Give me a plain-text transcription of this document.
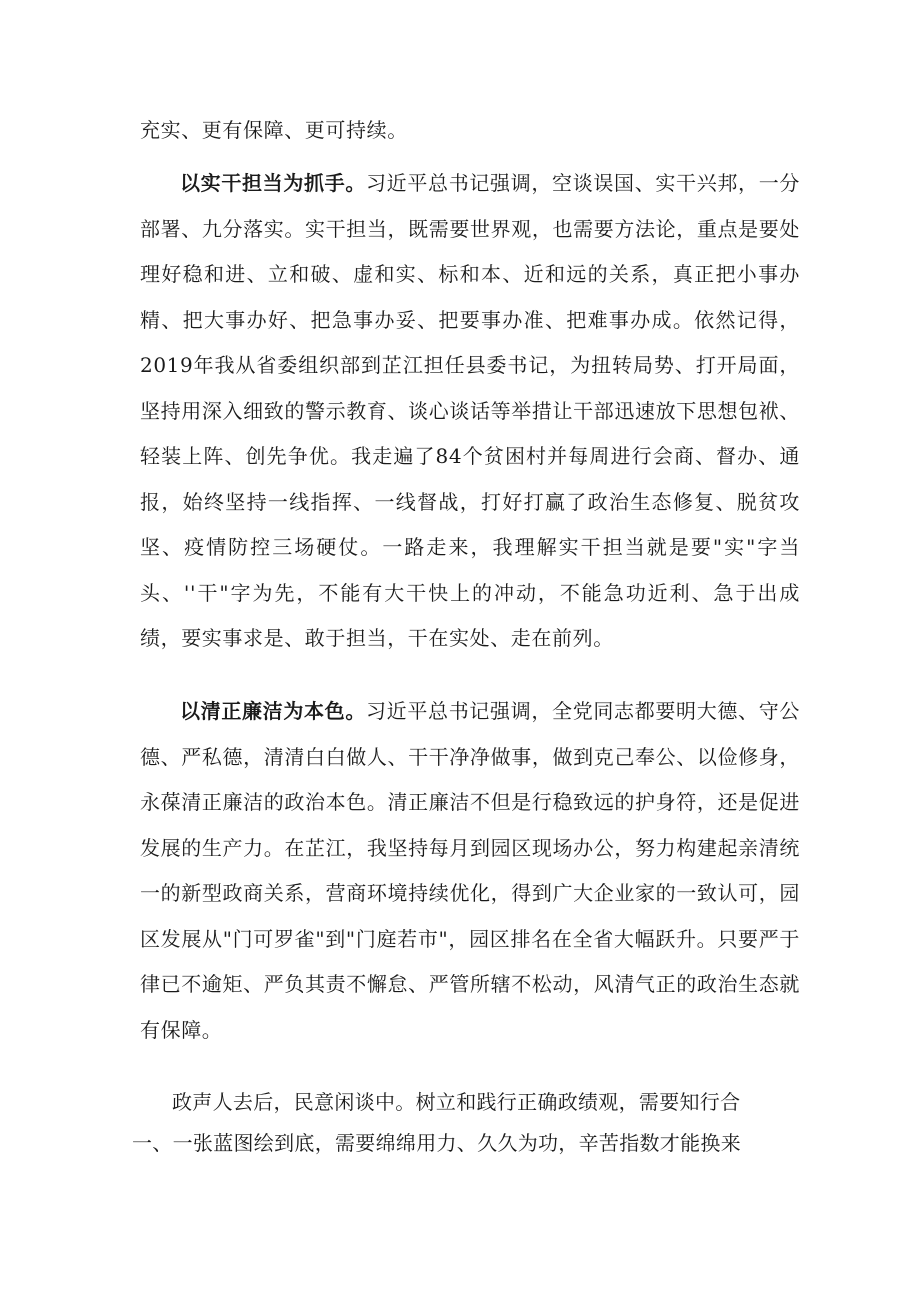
充实、更有保障、更可持续。

以实干担当为抓手。习近平总书记强调，空谈误国、实干兴邦，一分部署、九分落实。实干担当，既需要世界观，也需要方法论，重点是要处理好稳和进、立和破、虚和实、标和本、近和远的关系，真正把小事办精、把大事办好、把急事办妥、把要事办准、把难事办成。依然记得，2019年我从省委组织部到芷江担任县委书记，为扭转局势、打开局面，坚持用深入细致的警示教育、谈心谈话等举措让干部迅速放下思想包袱、轻装上阵、创先争优。我走遍了84个贫困村并每周进行会商、督办、通报，始终坚持一线指挥、一线督战，打好打赢了政治生态修复、脱贫攻坚、疫情防控三场硬仗。一路走来，我理解实干担当就是要"实"字当头、''干"字为先，不能有大干快上的冲动，不能急功近利、急于出成绩，要实事求是、敢于担当，干在实处、走在前列。

以清正廉洁为本色。习近平总书记强调，全党同志都要明大德、守公德、严私德，清清白白做人、干干净净做事，做到克己奉公、以俭修身，永葆清正廉洁的政治本色。清正廉洁不但是行稳致远的护身符，还是促进发展的生产力。在芷江，我坚持每月到园区现场办公，努力构建起亲清统一的新型政商关系，营商环境持续优化，得到广大企业家的一致认可，园区发展从"门可罗雀"到"门庭若市"，园区排名在全省大幅跃升。只要严于律已不逾矩、严负其责不懈怠、严管所辖不松动，风清气正的政治生态就有保障。

政声人去后，民意闲谈中。树立和践行正确政绩观，需要知行合
一、一张蓝图绘到底，需要绵绵用力、久久为功，辛苦指数才能换来
